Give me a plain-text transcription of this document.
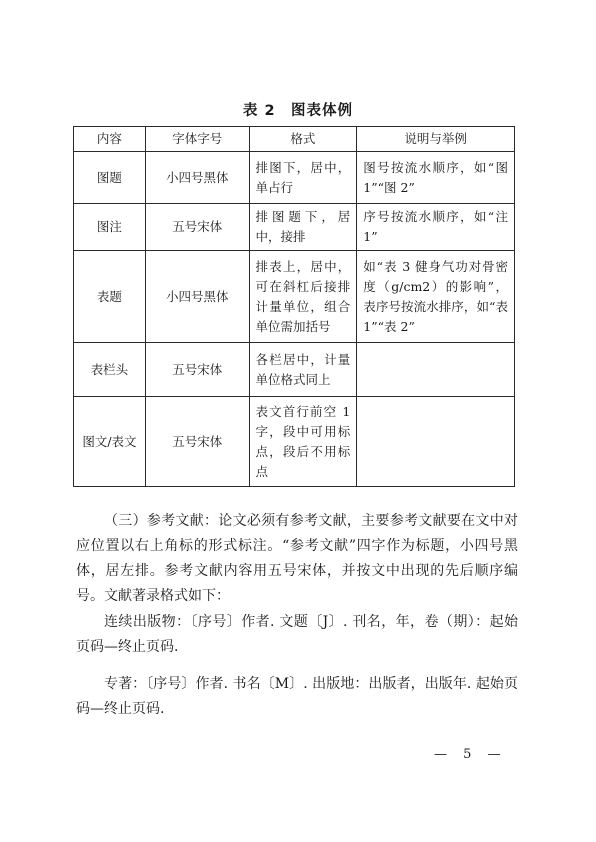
表 2　图表体例
内容	字体字号	格式	说明与举例
图题	小四号黑体	排图下，居中，单占行	图号按流水顺序，如“图 1”“图 2”
图注	五号宋体	排图题下，居中，接排	序号按流水顺序，如“注 1”
表题	小四号黑体	排表上，居中，可在斜杠后接排计量单位，组合单位需加括号	如“表 3 健身气功对骨密度（g/cm2）的影响”，表序号按流水排序，如“表 1”“表 2”
表栏头	五号宋体	各栏居中，计量单位格式同上	
图文/表文	五号宋体	表文首行前空 1 字，段中可用标点，段后不用标点	

（三）参考文献：论文必须有参考文献，主要参考文献要在文中对应位置以右上角标的形式标注。“参考文献”四字作为标题，小四号黑体，居左排。参考文献内容用五号宋体，并按文中出现的先后顺序编号。文献著录格式如下：

连续出版物：〔序号〕作者. 文题〔J〕. 刊名，年，卷（期）：起始页码—终止页码.

专著：〔序号〕作者. 书名〔M〕. 出版地：出版者，出版年. 起始页码—终止页码.

— 5 —
